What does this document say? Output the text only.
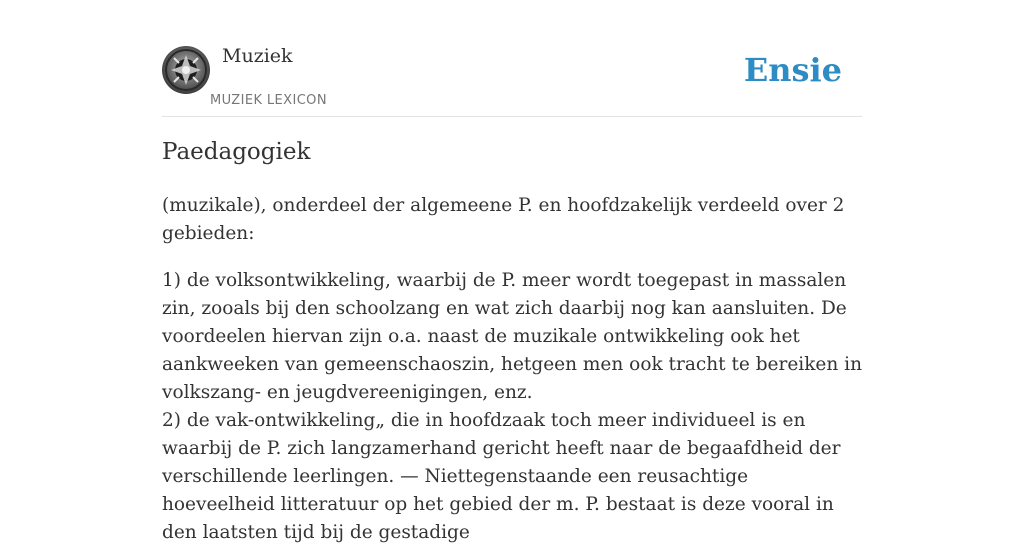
Muziek
MUZIEK LEXICON
Ensie
Paedagogiek

(muzikale), onderdeel der algemeene P. en hoofdzakelijk verdeeld over 2 gebieden:

1) de volksontwikkeling, waarbij de P. meer wordt toegepast in massalen zin, zooals bij den schoolzang en wat zich daarbij nog kan aansluiten. De voordeelen hiervan zijn o.a. naast de muzikale ontwikkeling ook het aankweeken van gemeenschaoszin, hetgeen men ook tracht te bereiken in volkszang- en jeugdvereenigingen, enz.

2) de vak-ontwikkeling„ die in hoofdzaak toch meer individueel is en waarbij de P. zich langzamerhand gericht heeft naar de begaafdheid der verschillende leerlingen. — Niettegenstaande een reusachtige hoeveelheid litteratuur op het gebied der m. P. bestaat is deze vooral in den laatsten tijd bij de gestadige
